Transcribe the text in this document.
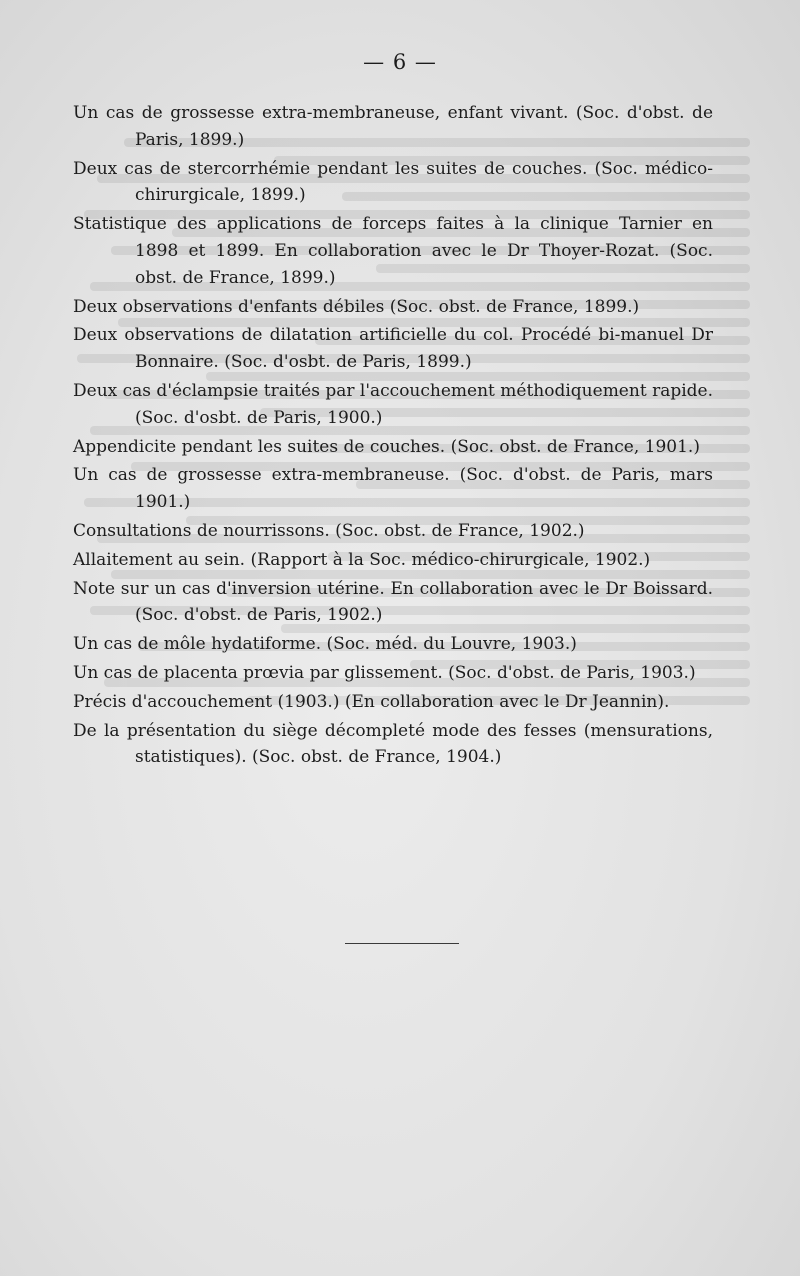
— 6 —
Un cas de grossesse extra-membraneuse, enfant vivant. (Soc. d'obst. de Paris, 1899.)
Deux cas de stercorrhémie pendant les suites de couches. (Soc. médico-chirurgicale, 1899.)
Statistique des applications de forceps faites à la clinique Tarnier en 1898 et 1899. En collaboration avec le Dr Thoyer-Rozat. (Soc. obst. de France, 1899.)
Deux observations d'enfants débiles (Soc. obst. de France, 1899.)
Deux observations de dilatation artificielle du col. Procédé bi-manuel Dr Bonnaire. (Soc. d'osbt. de Paris, 1899.)
Deux cas d'éclampsie traités par l'accouchement méthodiquement rapide. (Soc. d'osbt. de Paris, 1900.)
Appendicite pendant les suites de couches. (Soc. obst. de France, 1901.)
Un cas de grossesse extra-membraneuse. (Soc. d'obst. de Paris, mars 1901.)
Consultations de nourrissons. (Soc. obst. de France, 1902.)
Allaitement au sein. (Rapport à la Soc. médico-chirurgicale, 1902.)
Note sur un cas d'inversion utérine. En collaboration avec le Dr Boissard. (Soc. d'obst. de Paris, 1902.)
Un cas de môle hydatiforme. (Soc. méd. du Louvre, 1903.)
Un cas de placenta prœvia par glissement. (Soc. d'obst. de Paris, 1903.)
Précis d'accouchement (1903.) (En collaboration avec le Dr Jeannin).
De la présentation du siège décompleté mode des fesses (mensurations, statistiques). (Soc. obst. de France, 1904.)
